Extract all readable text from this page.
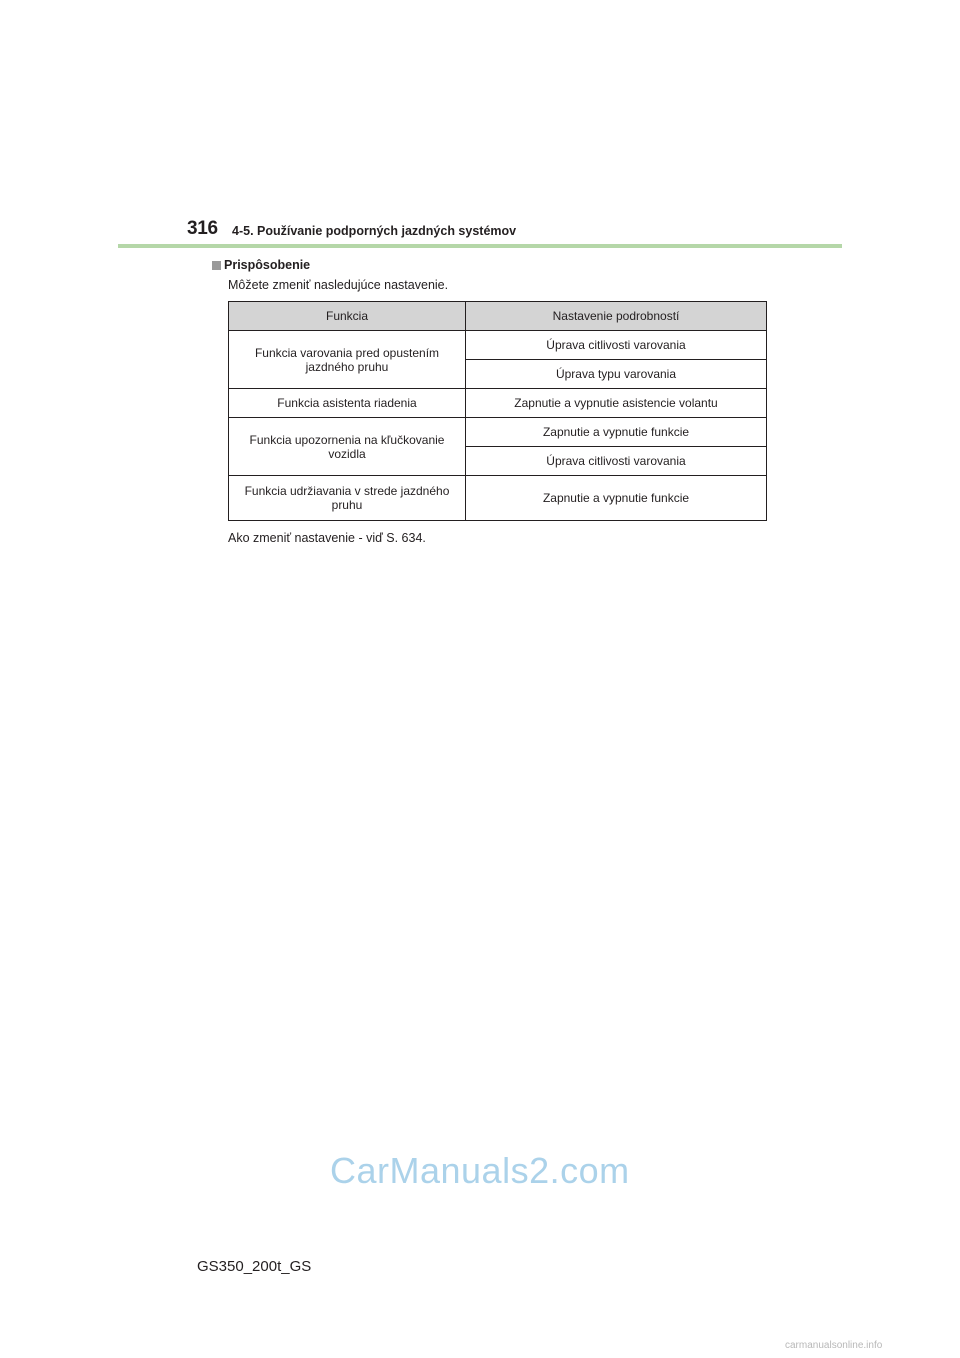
316 4-5. Používanie podporných jazdných systémov
Prispôsobenie
Môžete zmeniť nasledujúce nastavenie.
Funkcia	Nastavenie podrobností
Funkcia varovania pred opustením jazdného pruhu	Úprava citlivosti varovania
	Úprava typu varovania
Funkcia asistenta riadenia	Zapnutie a vypnutie asistencie volantu
Funkcia upozornenia na kľučkovanie vozidla	Zapnutie a vypnutie funkcie
	Úprava citlivosti varovania
Funkcia udržiavania v strede jazdného pruhu	Zapnutie a vypnutie funkcie
Ako zmeniť nastavenie - viď S. 634.
CarManuals2.com
GS350_200t_GS
carmanualsonline.info
